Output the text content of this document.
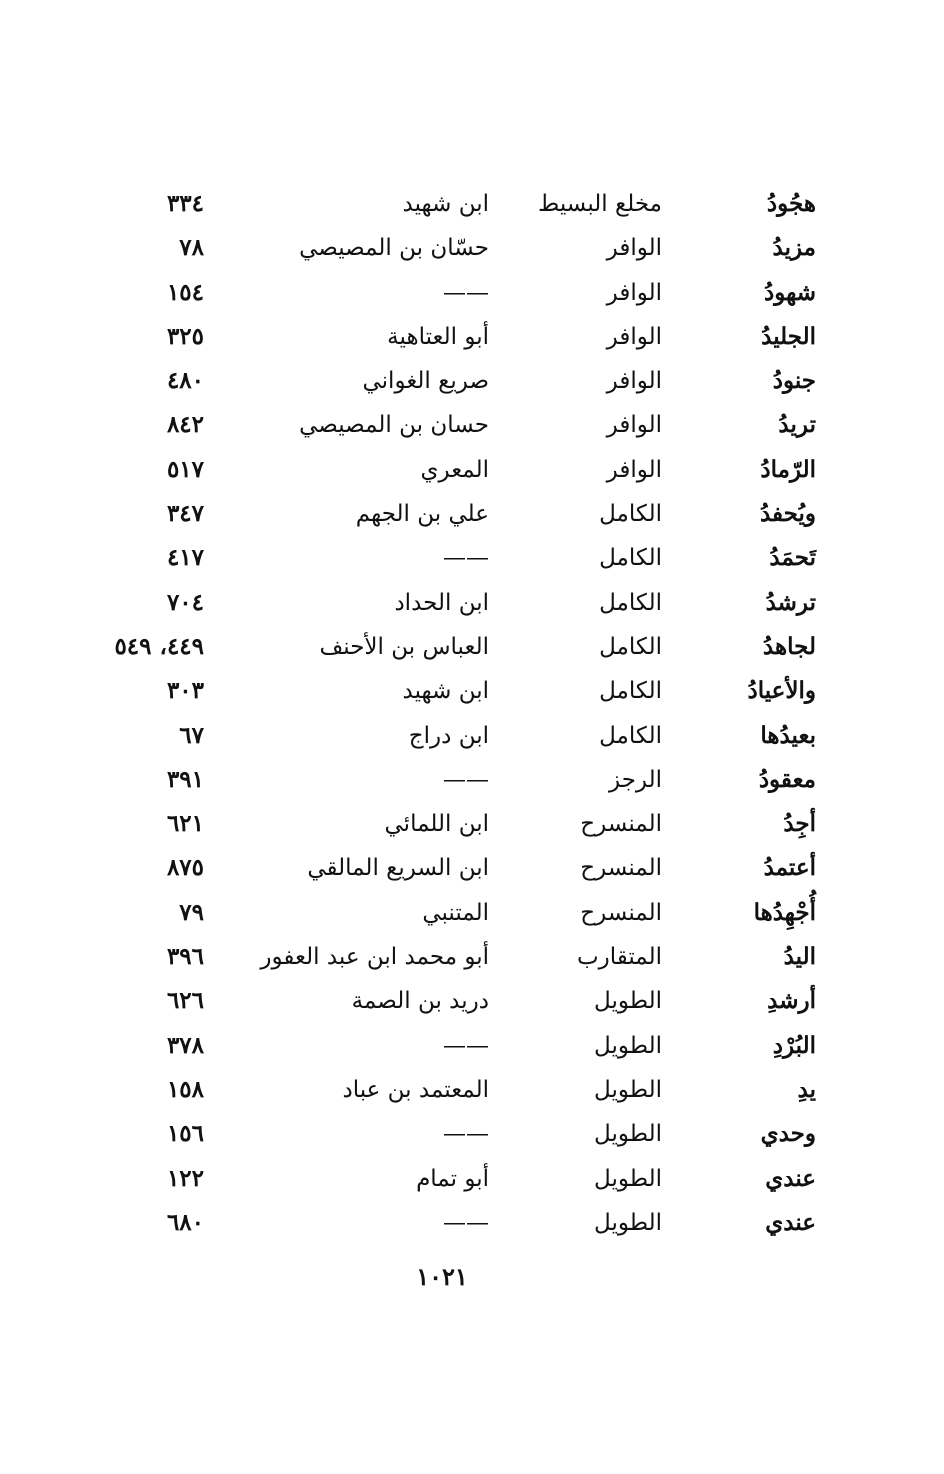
هجُودُ
مخلع البسيط
ابن شهيد
٣٣٤
مزيدُ
الوافر
حسّان بن المصيصي
٧٨
شهودُ
الوافر
——
١٥٤
الجليدُ
الوافر
أبو العتاهية
٣٢٥
جنودُ
الوافر
صريع الغواني
٤٨٠
تريدُ
الوافر
حسان بن المصيصي
٨٤٢
الرّمادُ
الوافر
المعري
٥١٧
ويُحفدُ
الكامل
علي بن الجهم
٣٤٧
تَحمَدُ
الكامل
——
٤١٧
ترشدُ
الكامل
ابن الحداد
٧٠٤
لجاهدُ
الكامل
العباس بن الأحنف
٤٤٩، ٥٤٩
والأعيادُ
الكامل
ابن شهيد
٣٠٣
بعيدُها
الكامل
ابن دراج
٦٧
معقودُ
الرجز
——
٣٩١
أجِدُ
المنسرح
ابن اللمائي
٦٢١
أعتمدُ
المنسرح
ابن السريع المالقي
٨٧٥
أُجْهِدُها
المنسرح
المتنبي
٧٩
اليدُ
المتقارب
أبو محمد ابن عبد العفور
٣٩٦
أرشدِ
الطويل
دريد بن الصمة
٦٢٦
البُرْدِ
الطويل
——
٣٧٨
يدِ
الطويل
المعتمد بن عباد
١٥٨
وحدي
الطويل
——
١٥٦
عندي
الطويل
أبو تمام
١٢٢
عندي
الطويل
——
٦٨٠
١٠٢١
